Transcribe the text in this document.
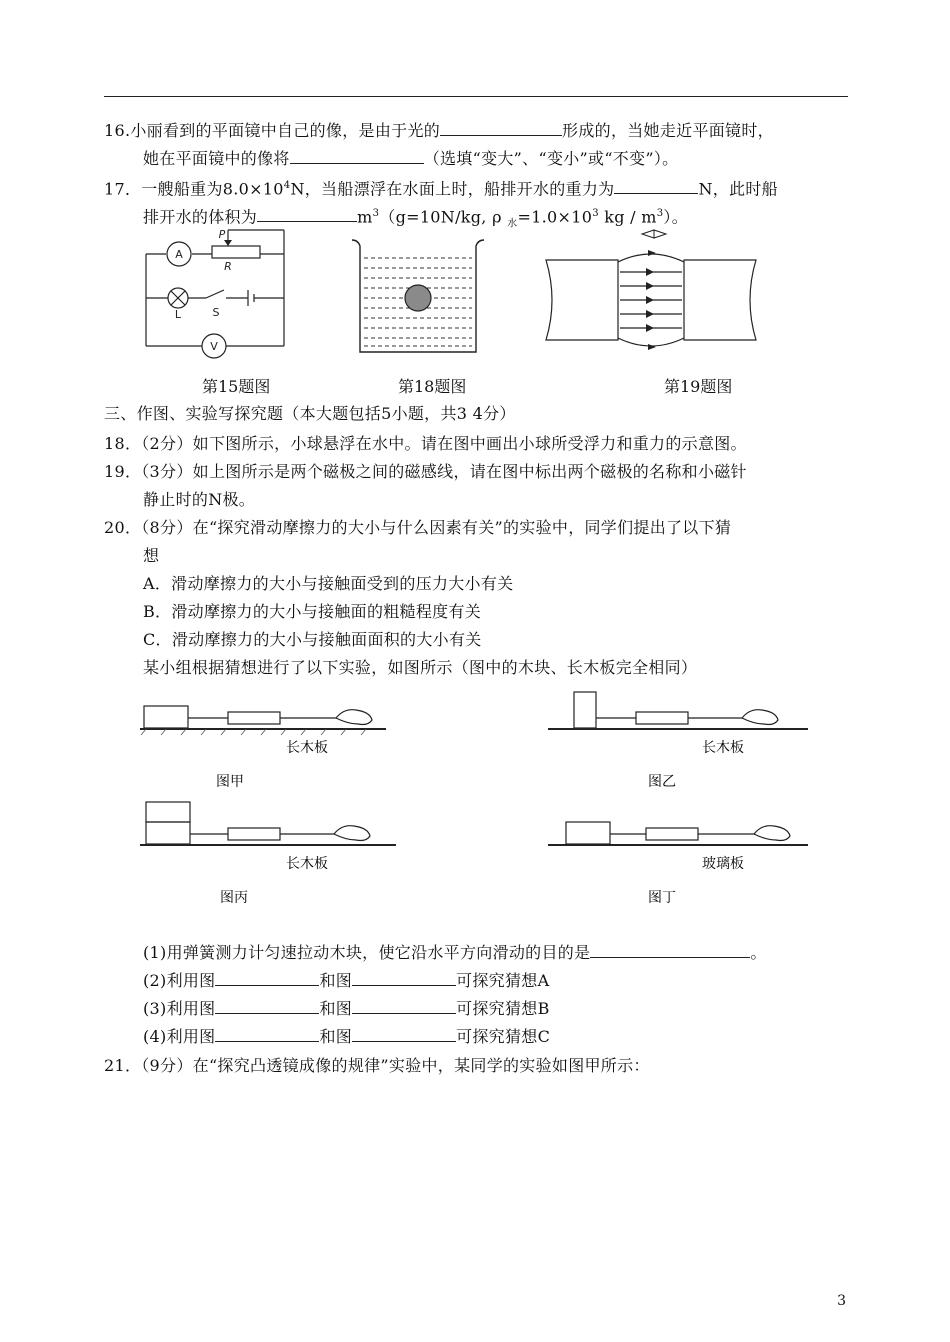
16.小丽看到的平面镜中自己的像，是由于光的	形成的，当她走近平面镜时，
她在平面镜中的像将	（选填“变大”、“变小”或“不变”）。
17．一艘船重为$8.0\times 10^4N$，当船漂浮在水面上时，船排开水的重力为	N，此时船
排开水的体积为	$m^3(g=10N/kg$, ρ $_水=1.0\times 10^3$ kg / $m^3$）。
A
P
R
L	S
V
第15题图	第18题图	第19题图
三、作图、实验写探究题（本大题包括5小题，共3 4分）
18．（2分）如下图所示，小球悬浮在水中。请在图中画出小球所受浮力和重力的示意图。
19．（3分）如上图所示是两个磁极之间的磁感线，请在图中标出两个磁极的名称和小磁针
静止时的N极。
20．（8分）在“探究滑动摩擦力的大小与什么因素有关”的实验中，同学们提出了以下猜
想
A．滑动摩擦力的大小与接触面受到的压力大小有关
B．滑动摩擦力的大小与接触面的粗糙程度有关
C．滑动摩擦力的大小与接触面面积的大小有关
某小组根据猜想进行了以下实验，如图所示（图中的木块、长木板完全相同）
长木板
图甲
长木板
图乙
长木板
图丙
玻璃板
图丁
(1)用弹簧测力计匀速拉动木块，使它沿水平方向滑动的目的是	。
(2)利用图	和图	可探究猜想A
(3)利用图	和图	可探究猜想B
(4)利用图	和图	可探究猜想C
21．（9分）在“探究凸透镜成像的规律”实验中，某同学的实验如图甲所示：
3
